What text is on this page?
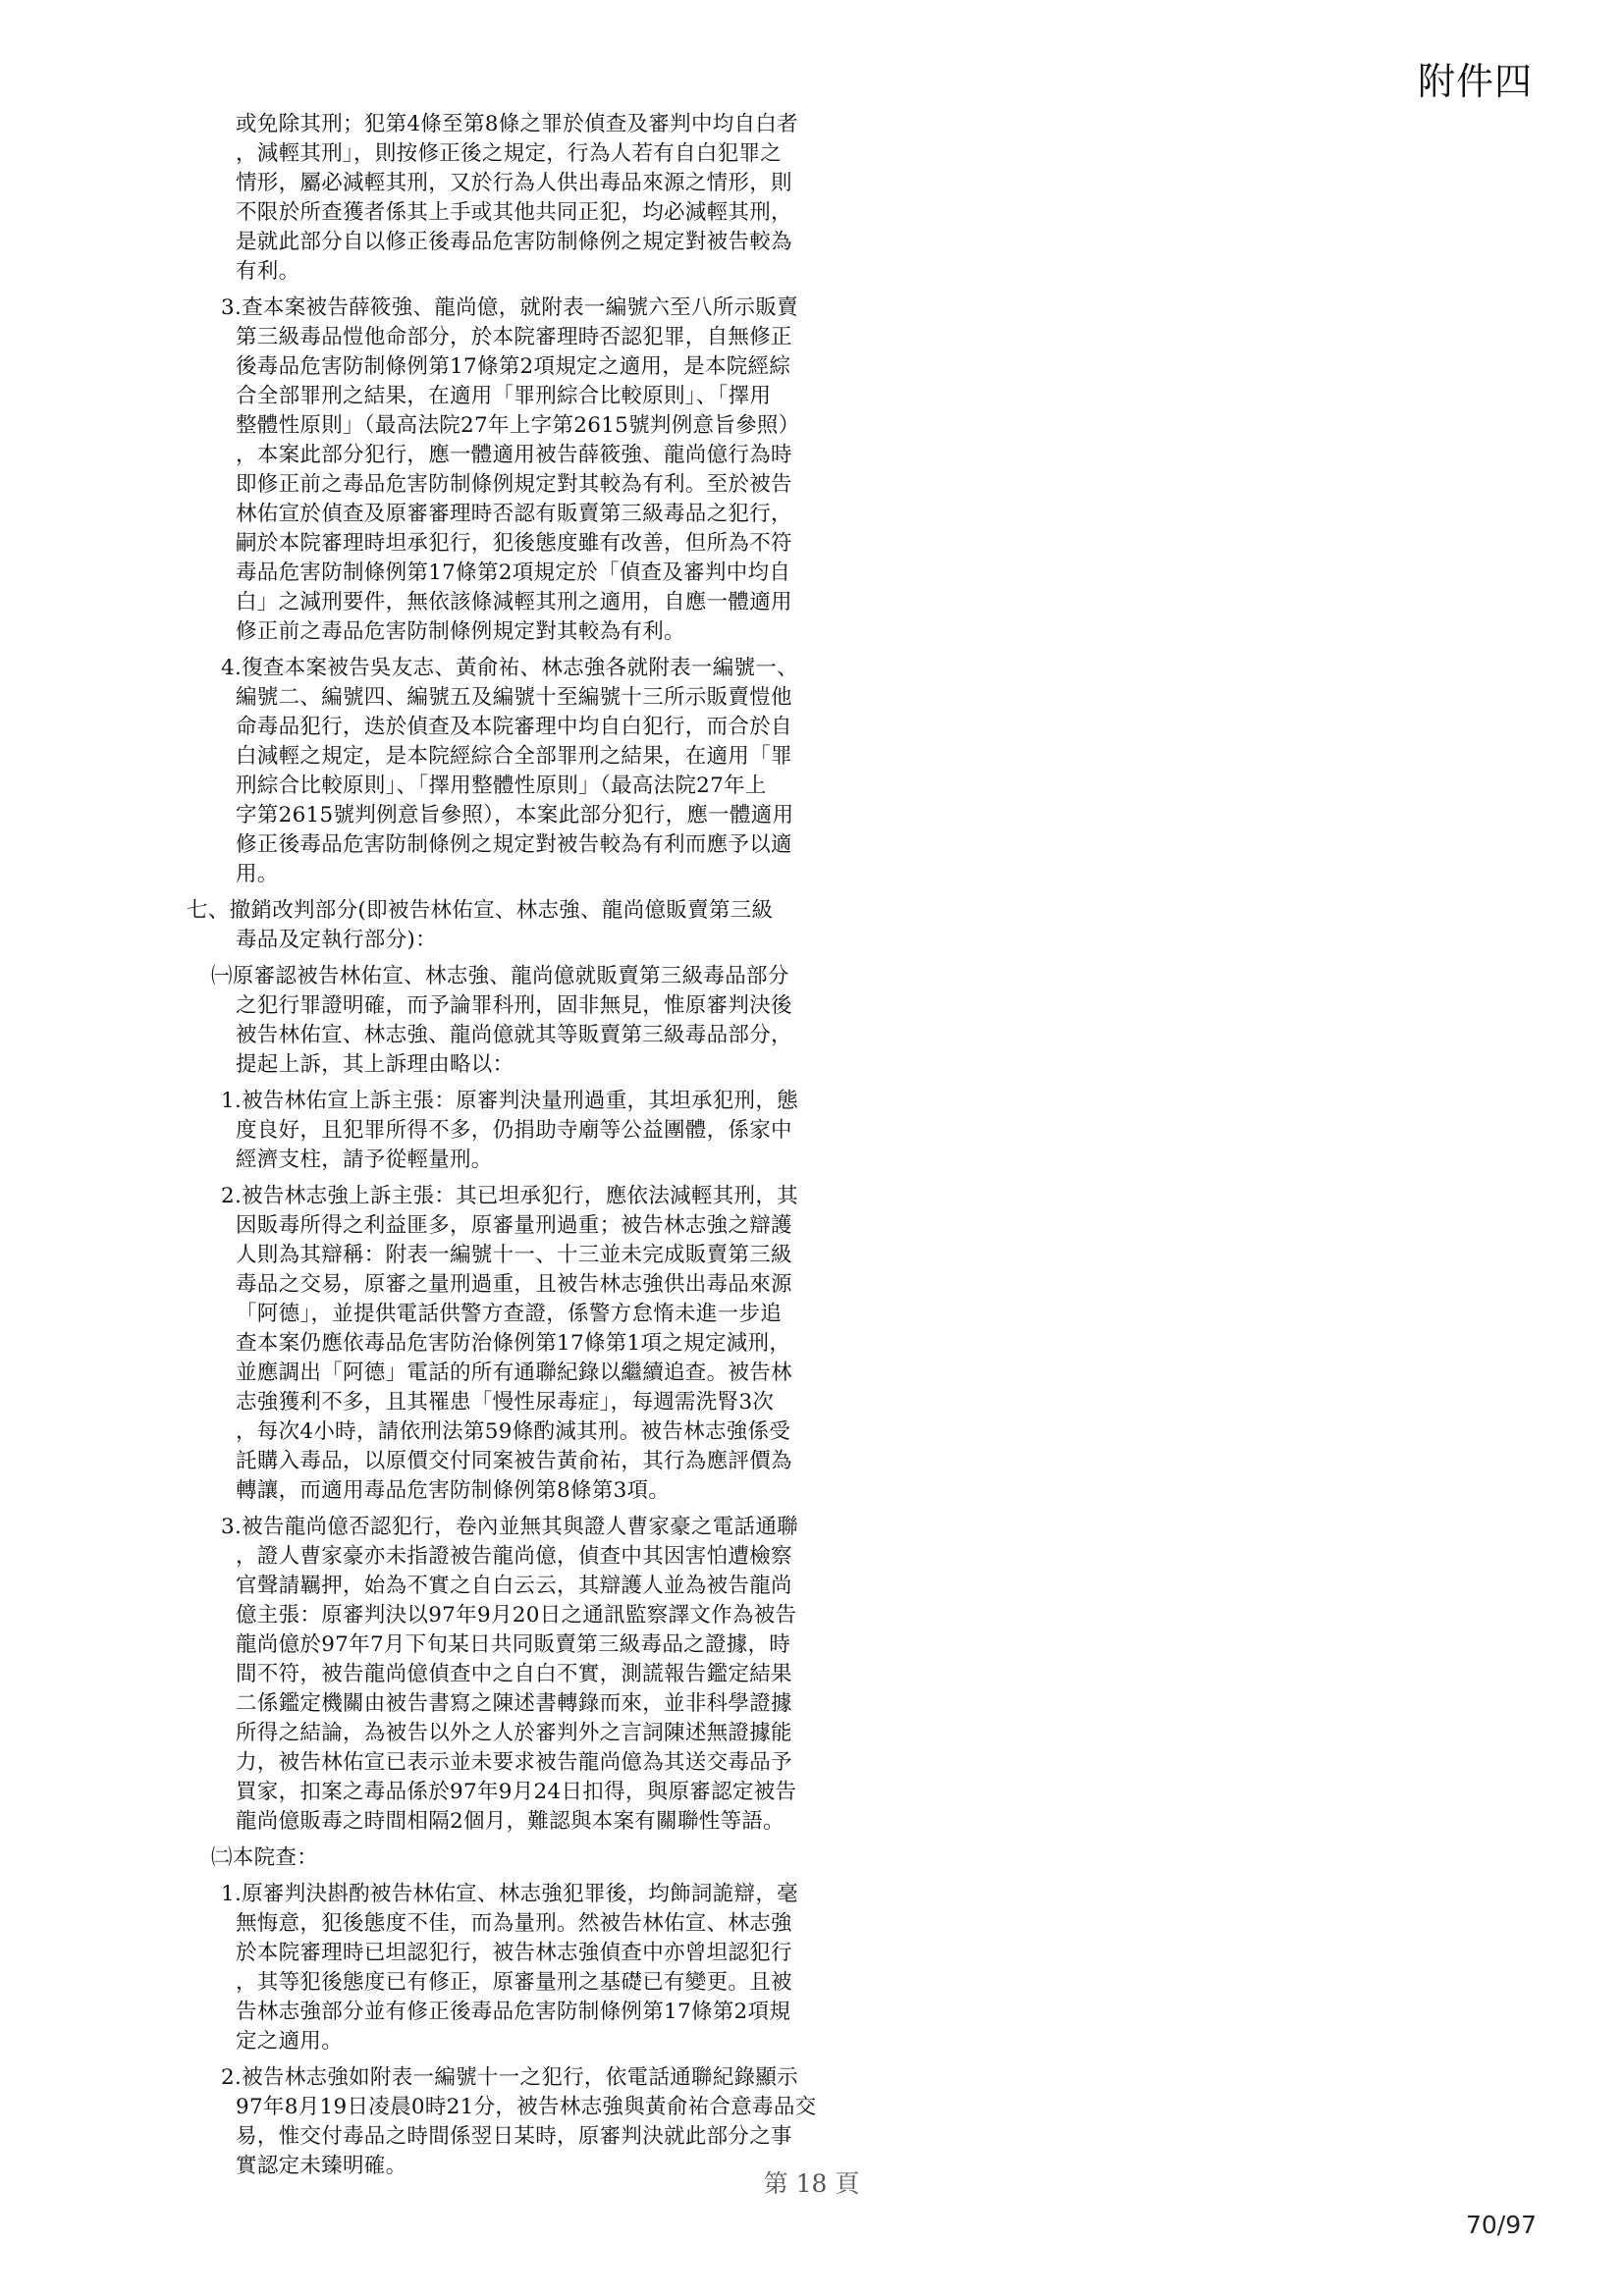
附件四
或免除其刑；犯第4條至第8條之罪於偵查及審判中均自白者
，減輕其刑」，則按修正後之規定，行為人若有自白犯罪之
情形，屬必減輕其刑，又於行為人供出毒品來源之情形，則
不限於所查獲者係其上手或其他共同正犯，均必減輕其刑，
是就此部分自以修正後毒品危害防制條例之規定對被告較為
有利。
3.查本案被告薛筱強、龍尚億，就附表一編號六至八所示販賣
第三級毒品愷他命部分，於本院審理時否認犯罪，自無修正
後毒品危害防制條例第17條第2項規定之適用，是本院經綜
合全部罪刑之結果，在適用「罪刑綜合比較原則」、「擇用
整體性原則」（最高法院27年上字第2615號判例意旨參照）
，本案此部分犯行，應一體適用被告薛筱強、龍尚億行為時
即修正前之毒品危害防制條例規定對其較為有利。至於被告
林佑宣於偵查及原審審理時否認有販賣第三級毒品之犯行，
嗣於本院審理時坦承犯行，犯後態度雖有改善，但所為不符
毒品危害防制條例第17條第2項規定於「偵查及審判中均自
白」之減刑要件，無依該條減輕其刑之適用，自應一體適用
修正前之毒品危害防制條例規定對其較為有利。
4.復查本案被告吳友志、黃俞祐、林志強各就附表一編號一、
編號二、編號四、編號五及編號十至編號十三所示販賣愷他
命毒品犯行，迭於偵查及本院審理中均自白犯行，而合於自
白減輕之規定，是本院經綜合全部罪刑之結果，在適用「罪
刑綜合比較原則」、「擇用整體性原則」（最高法院27年上
字第2615號判例意旨參照），本案此部分犯行，應一體適用
修正後毒品危害防制條例之規定對被告較為有利而應予以適
用。
七、撤銷改判部分(即被告林佑宣、林志強、龍尚億販賣第三級
毒品及定執行部分)：
㈠原審認被告林佑宣、林志強、龍尚億就販賣第三級毒品部分
之犯行罪證明確，而予論罪科刑，固非無見，惟原審判決後
被告林佑宣、林志強、龍尚億就其等販賣第三級毒品部分，
提起上訴，其上訴理由略以：
1.被告林佑宣上訴主張：原審判決量刑過重，其坦承犯刑，態
度良好，且犯罪所得不多，仍捐助寺廟等公益團體，係家中
經濟支柱，請予從輕量刑。
2.被告林志強上訴主張：其已坦承犯行，應依法減輕其刑，其
因販毒所得之利益匪多，原審量刑過重；被告林志強之辯護
人則為其辯稱：附表一編號十一、十三並未完成販賣第三級
毒品之交易，原審之量刑過重，且被告林志強供出毒品來源
「阿德」，並提供電話供警方查證，係警方怠惰未進一步追
查本案仍應依毒品危害防治條例第17條第1項之規定減刑，
並應調出「阿德」電話的所有通聯紀錄以繼續追查。被告林
志強獲利不多，且其罹患「慢性尿毒症」，每週需洗腎3次
，每次4小時，請依刑法第59條酌減其刑。被告林志強係受
託購入毒品，以原價交付同案被告黃俞祐，其行為應評價為
轉讓，而適用毒品危害防制條例第8條第3項。
3.被告龍尚億否認犯行，卷內並無其與證人曹家豪之電話通聯
，證人曹家豪亦未指證被告龍尚億，偵查中其因害怕遭檢察
官聲請羈押，始為不實之自白云云，其辯護人並為被告龍尚
億主張：原審判決以97年9月20日之通訊監察譯文作為被告
龍尚億於97年7月下旬某日共同販賣第三級毒品之證據，時
間不符，被告龍尚億偵查中之自白不實，測謊報告鑑定結果
二係鑑定機關由被告書寫之陳述書轉錄而來，並非科學證據
所得之結論，為被告以外之人於審判外之言詞陳述無證據能
力，被告林佑宣已表示並未要求被告龍尚億為其送交毒品予
買家，扣案之毒品係於97年9月24日扣得，與原審認定被告
龍尚億販毒之時間相隔2個月，難認與本案有關聯性等語。
㈡本院查：
1.原審判決斟酌被告林佑宣、林志強犯罪後，均飾詞詭辯，毫
無悔意，犯後態度不佳，而為量刑。然被告林佑宣、林志強
於本院審理時已坦認犯行，被告林志強偵查中亦曾坦認犯行
，其等犯後態度已有修正，原審量刑之基礎已有變更。且被
告林志強部分並有修正後毒品危害防制條例第17條第2項規
定之適用。
2.被告林志強如附表一編號十一之犯行，依電話通聯紀錄顯示
97年8月19日凌晨0時21分，被告林志強與黃俞祐合意毒品交
易，惟交付毒品之時間係翌日某時，原審判決就此部分之事
實認定未臻明確。
第 18 頁
70/97
